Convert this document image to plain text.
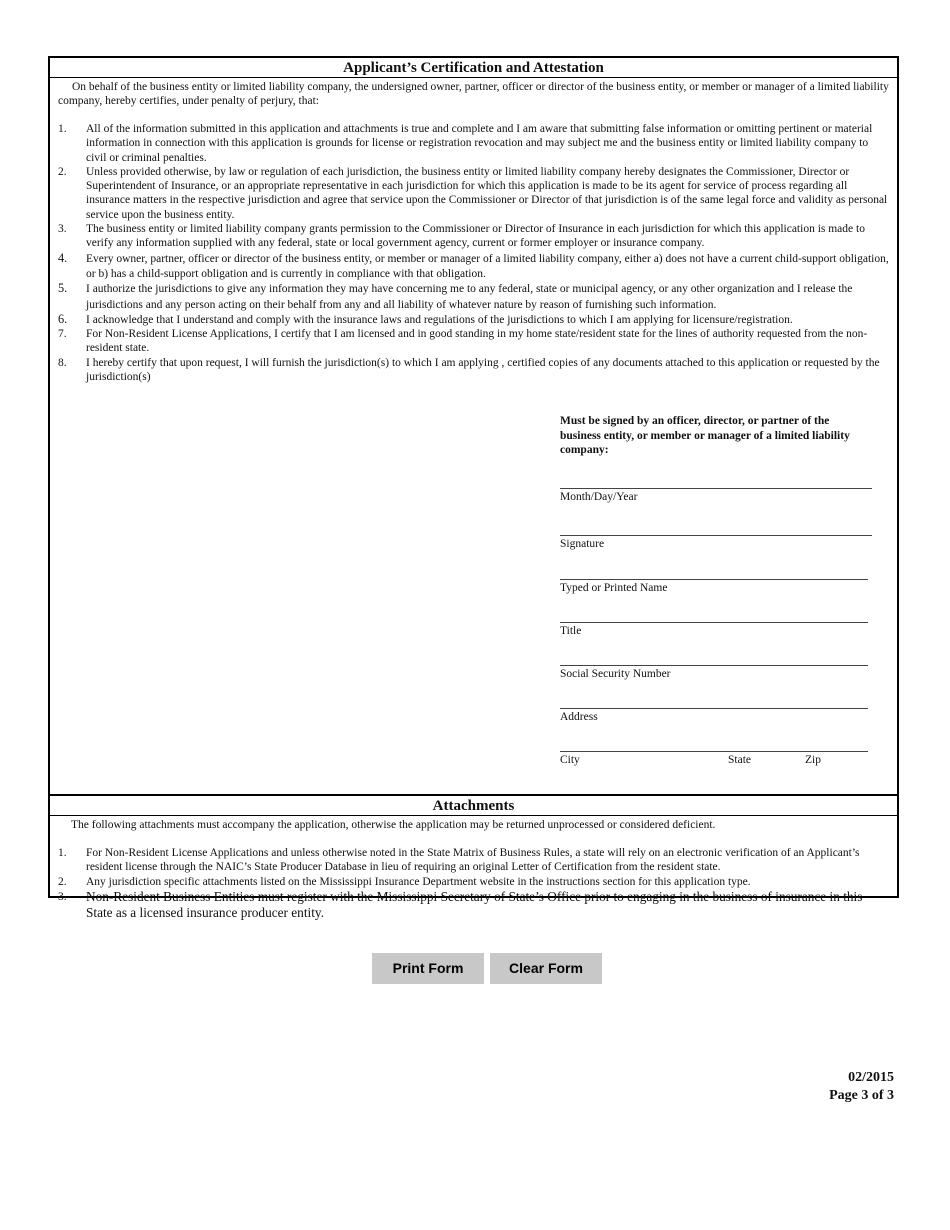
Applicant’s Certification and Attestation
On behalf of the business entity or limited liability company, the undersigned owner, partner, officer or director of the business entity, or member or manager of a limited liability company, hereby certifies, under penalty of perjury, that:
1.	All of the information submitted in this application and attachments is true and complete and I am aware that submitting false information or omitting pertinent or material information in connection with this application is grounds for license or registration revocation and may subject me and the business entity or limited liability company to civil or criminal penalties.
2.	Unless provided otherwise, by law or regulation of each jurisdiction, the business entity or limited liability company hereby designates the Commissioner, Director or Superintendent of Insurance, or an appropriate representative in each jurisdiction for which this application is made to be its agent for service of process regarding all insurance matters in the respective jurisdiction and agree that service upon the Commissioner or Director of that jurisdiction is of the same legal force and validity as personal service upon the business entity.
3.	The business entity or limited liability company grants permission to the Commissioner or Director of Insurance in each jurisdiction for which this application is made to verify any information supplied with any federal, state or local government agency, current or former employer or insurance company.
4.	Every owner, partner, officer or director of the business entity, or member or manager of a limited liability company, either a) does not have a current child-support obligation, or b) has a child-support obligation and is currently in compliance with that obligation.
5.	I authorize the jurisdictions to give any information they may have concerning me to any federal, state or municipal agency, or any other organization and I release the jurisdictions and any person acting on their behalf from any and all liability of whatever nature by reason of furnishing such information.
6.	I acknowledge that I understand and comply with the insurance laws and regulations of the jurisdictions to which I am applying for licensure/registration.
7.	For Non-Resident License Applications, I certify that I am licensed and in good standing in my home state/resident state for the lines of authority requested from the non-resident state.
8.	I hereby certify that upon request, I will furnish the jurisdiction(s) to which I am applying , certified copies of any documents attached to this application or requested by the jurisdiction(s)
Must be signed by an officer, director, or partner of the business entity, or member or manager of a limited liability company:
Month/Day/Year
Signature
Typed or Printed Name
Title
Social Security Number
Address
City	State	Zip
Attachments
The following attachments must accompany the application, otherwise the application may be returned unprocessed or considered deficient.
1.	For Non-Resident License Applications and unless otherwise noted in the State Matrix of Business Rules, a state will rely on an electronic verification of an Applicant’s resident license through the NAIC’s State Producer Database in lieu of requiring an original Letter of Certification from the resident state.
2.	Any jurisdiction specific attachments listed on the Mississippi Insurance Department website in the instructions section for this application type.
3.	Non-Resident Business Entities must register with the Mississippi Secretary of State’s Office prior to engaging in the business of insurance in this State as a licensed insurance producer entity.
Print Form	Clear Form
02/2015
Page 3 of 3
